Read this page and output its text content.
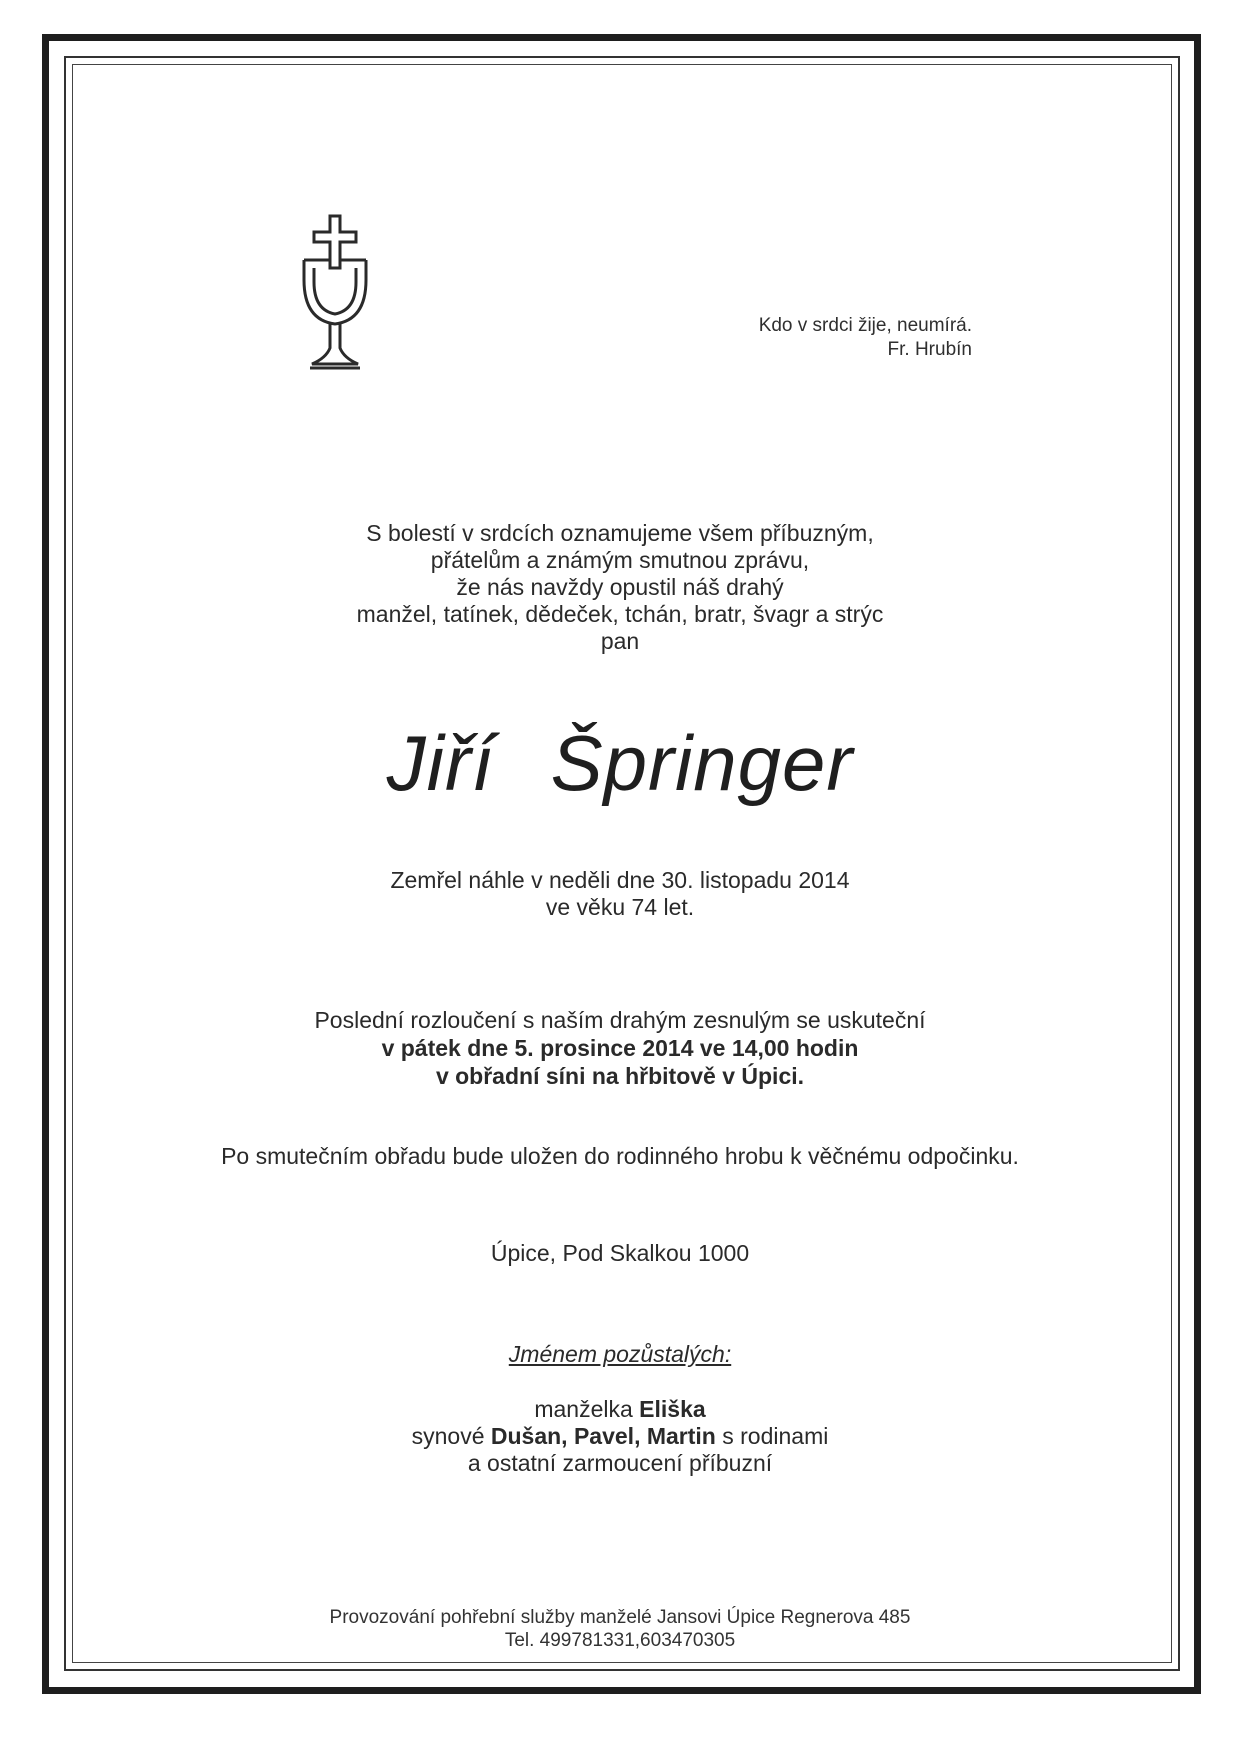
Kdo v srdci žije, neumírá.
Fr. Hrubín
S bolestí v srdcích oznamujeme všem příbuzným,
přátelům a známým smutnou zprávu,
že nás navždy opustil náš drahý
manžel, tatínek, dědeček, tchán, bratr, švagr a strýc
pan
Jiří Špringer
Zemřel náhle v neděli dne 30. listopadu 2014
ve věku 74 let.
Poslední rozloučení s naším drahým zesnulým se uskuteční
v pátek dne 5. prosince 2014 ve 14,00 hodin
v obřadní síni na hřbitově v Úpici.
Po smutečním obřadu bude uložen do rodinného hrobu k věčnému odpočinku.
Úpice, Pod Skalkou 1000
Jménem pozůstalých:
manželka Eliška
synové Dušan, Pavel, Martin s rodinami
a ostatní zarmoucení příbuzní
Provozování pohřební služby manželé Jansovi Úpice Regnerova 485
Tel. 499781331,603470305
